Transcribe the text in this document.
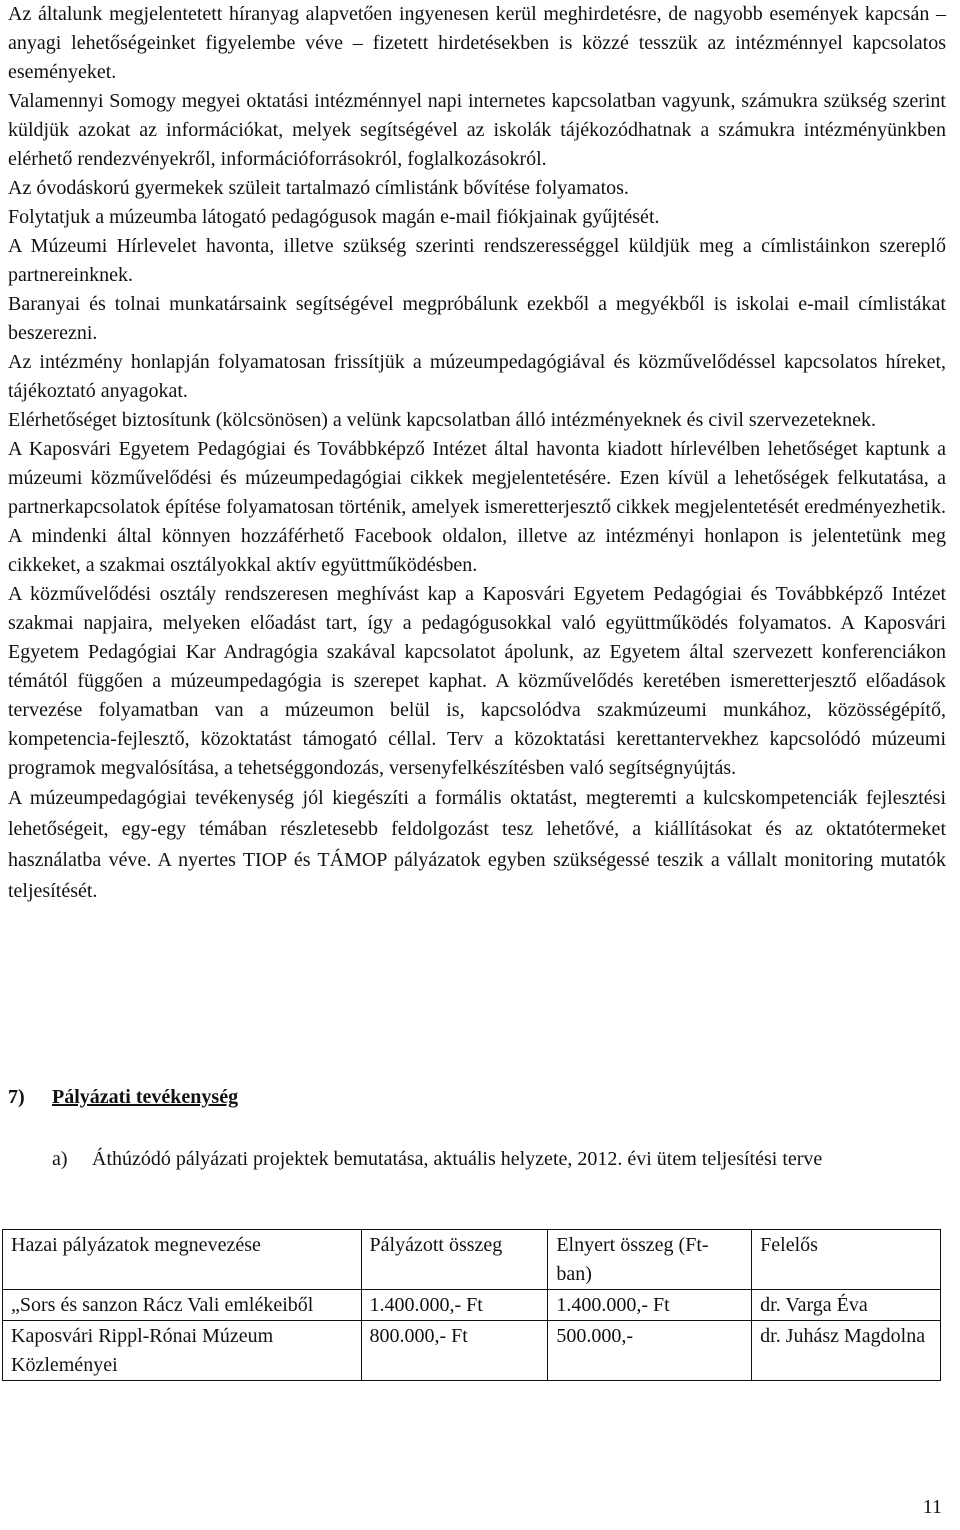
Az általunk megjelentetett híranyag alapvetően ingyenesen kerül meghirdetésre, de nagyobb események kapcsán – anyagi lehetőségeinket figyelembe véve – fizetett hirdetésekben is közzé tesszük az intézménnyel kapcsolatos eseményeket.

Valamennyi Somogy megyei oktatási intézménnyel napi internetes kapcsolatban vagyunk, számukra szükség szerint küldjük azokat az információkat, melyek segítségével az iskolák tájékozódhatnak a számukra intézményünkben elérhető rendezvényekről, információforrásokról, foglalkozásokról.

Az óvodáskorú gyermekek szüleit tartalmazó címlistánk bővítése folyamatos.

Folytatjuk a múzeumba látogató pedagógusok magán e-mail fiókjainak gyűjtését.

A Múzeumi Hírlevelet havonta, illetve szükség szerinti rendszerességgel küldjük meg a címlistáinkon szereplő partnereinknek.

Baranyai és tolnai munkatársaink segítségével megpróbálunk ezekből a megyékből is iskolai e-mail címlistákat beszerezni.

Az intézmény honlapján folyamatosan frissítjük a múzeumpedagógiával és közművelődéssel kapcsolatos híreket, tájékoztató anyagokat.

Elérhetőséget biztosítunk (kölcsönösen) a velünk kapcsolatban álló intézményeknek és civil szervezeteknek.

A Kaposvári Egyetem Pedagógiai és Továbbképző Intézet által havonta kiadott hírlevélben lehetőséget kaptunk a múzeumi közművelődési és múzeumpedagógiai cikkek megjelentetésére. Ezen kívül a lehetőségek felkutatása, a partnerkapcsolatok építése folyamatosan történik, amelyek ismeretterjesztő cikkek megjelentetését eredményezhetik. A mindenki által könnyen hozzáférhető Facebook oldalon, illetve az intézményi honlapon is jelentetünk meg cikkeket, a szakmai osztályokkal aktív együttműködésben.

A közművelődési osztály rendszeresen meghívást kap a Kaposvári Egyetem Pedagógiai és Továbbképző Intézet szakmai napjaira, melyeken előadást tart, így a pedagógusokkal való együttműködés folyamatos. A Kaposvári Egyetem Pedagógiai Kar Andragógia szakával kapcsolatot ápolunk, az Egyetem által szervezett konferenciákon témától függően a múzeumpedagógia is szerepet kaphat. A közművelődés keretében ismeretterjesztő előadások tervezése folyamatban van a múzeumon belül is, kapcsolódva szakmúzeumi munkához, közösségépítő, kompetencia-fejlesztő, közoktatást támogató céllal. Terv a közoktatási kerettantervekhez kapcsolódó múzeumi programok megvalósítása, a tehetséggondozás, versenyfelkészítésben való segítségnyújtás.

A múzeumpedagógiai tevékenység jól kiegészíti a formális oktatást, megteremti a kulcskompetenciák fejlesztési lehetőségeit, egy-egy témában részletesebb feldolgozást tesz lehetővé, a kiállításokat és az oktatótermeket használatba véve. A nyertes TIOP és TÁMOP pályázatok egyben szükségessé teszik a vállalt monitoring mutatók teljesítését.

7) Pályázati tevékenység
a) Áthúzódó pályázati projektek bemutatása, aktuális helyzete, 2012. évi ütem teljesítési terve
Hazai pályázatok megnevezése	Pályázott összeg	Elnyert összeg (Ft-ban)	Felelős
„Sors és sanzon Rácz Vali emlékeiből	1.400.000,- Ft	1.400.000,- Ft	dr. Varga Éva
Kaposvári Rippl-Rónai Múzeum Közleményei	800.000,- Ft	500.000,-	dr. Juhász Magdolna
11
